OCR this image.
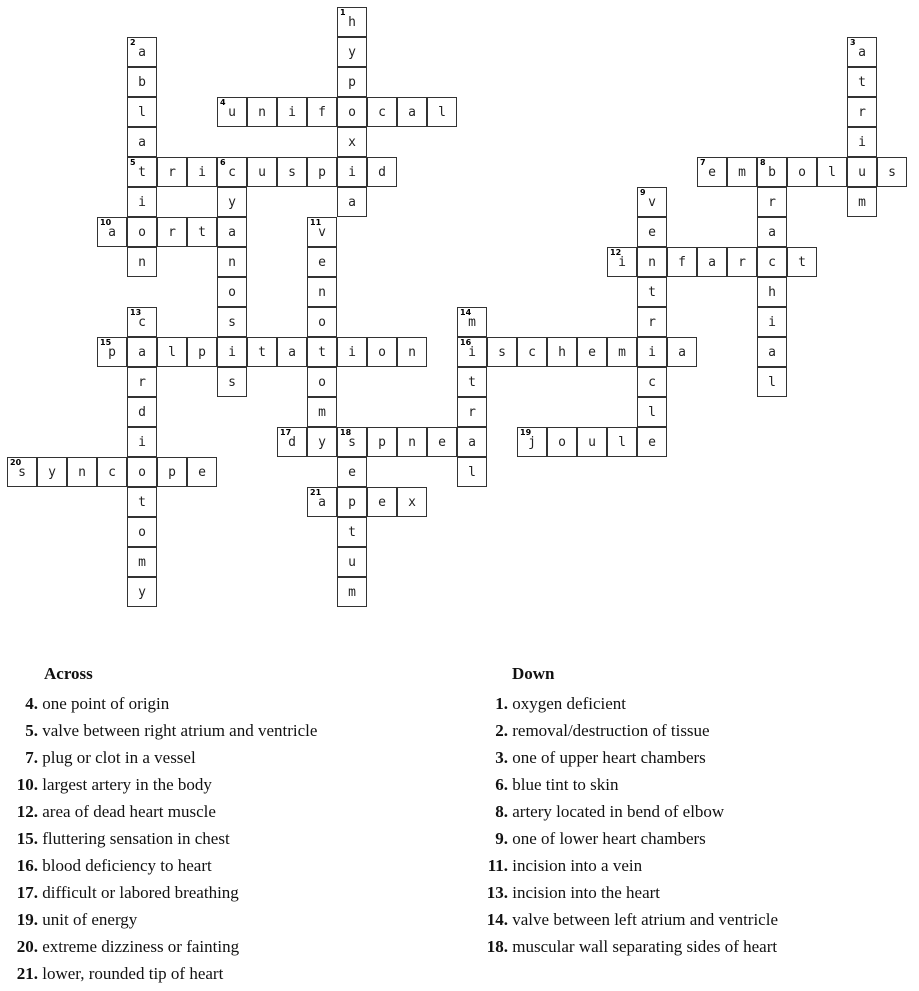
h
1
y
p
o
x
i
a
a
2
b
l
a
t
5
i
o
n
a
3
t
r
i
u
m
u
4
n i f	c a l
r i c
6
u s p	d
y
a
n
o
s
i
s
e
7
m b
8
o l	s
r
a
c
h
i
a
l
v
9
e
n
t
r
i
c
l
e
a
10
r t	v
11
e
n
o
t
o
m
y
i
12
f a r	t
c
13
a
r
d
i
o
t
o
m
y
m
14
i
16
t
r
a
l
p
15
l p	t a	i o n	s c h e m	a
d
17
s
18
p n e
e
p
t
u
m
j
19
o u l
s
20
y n c	p e
a
21
e x
Across
4. one point of origin
5. valve between right atrium and ventricle
7. plug or clot in a vessel
10. largest artery in the body
12. area of dead heart muscle
15. fluttering sensation in chest
16. blood deficiency to heart
17. difficult or labored breathing
19. unit of energy
20. extreme dizziness or fainting
21. lower, rounded tip of heart
Down
1. oxygen deficient
2. removal/destruction of tissue
3. one of upper heart chambers
6. blue tint to skin
8. artery located in bend of elbow
9. one of lower heart chambers
11. incision into a vein
13. incision into the heart
14. valve between left atrium and ventricle
18. muscular wall separating sides of heart
